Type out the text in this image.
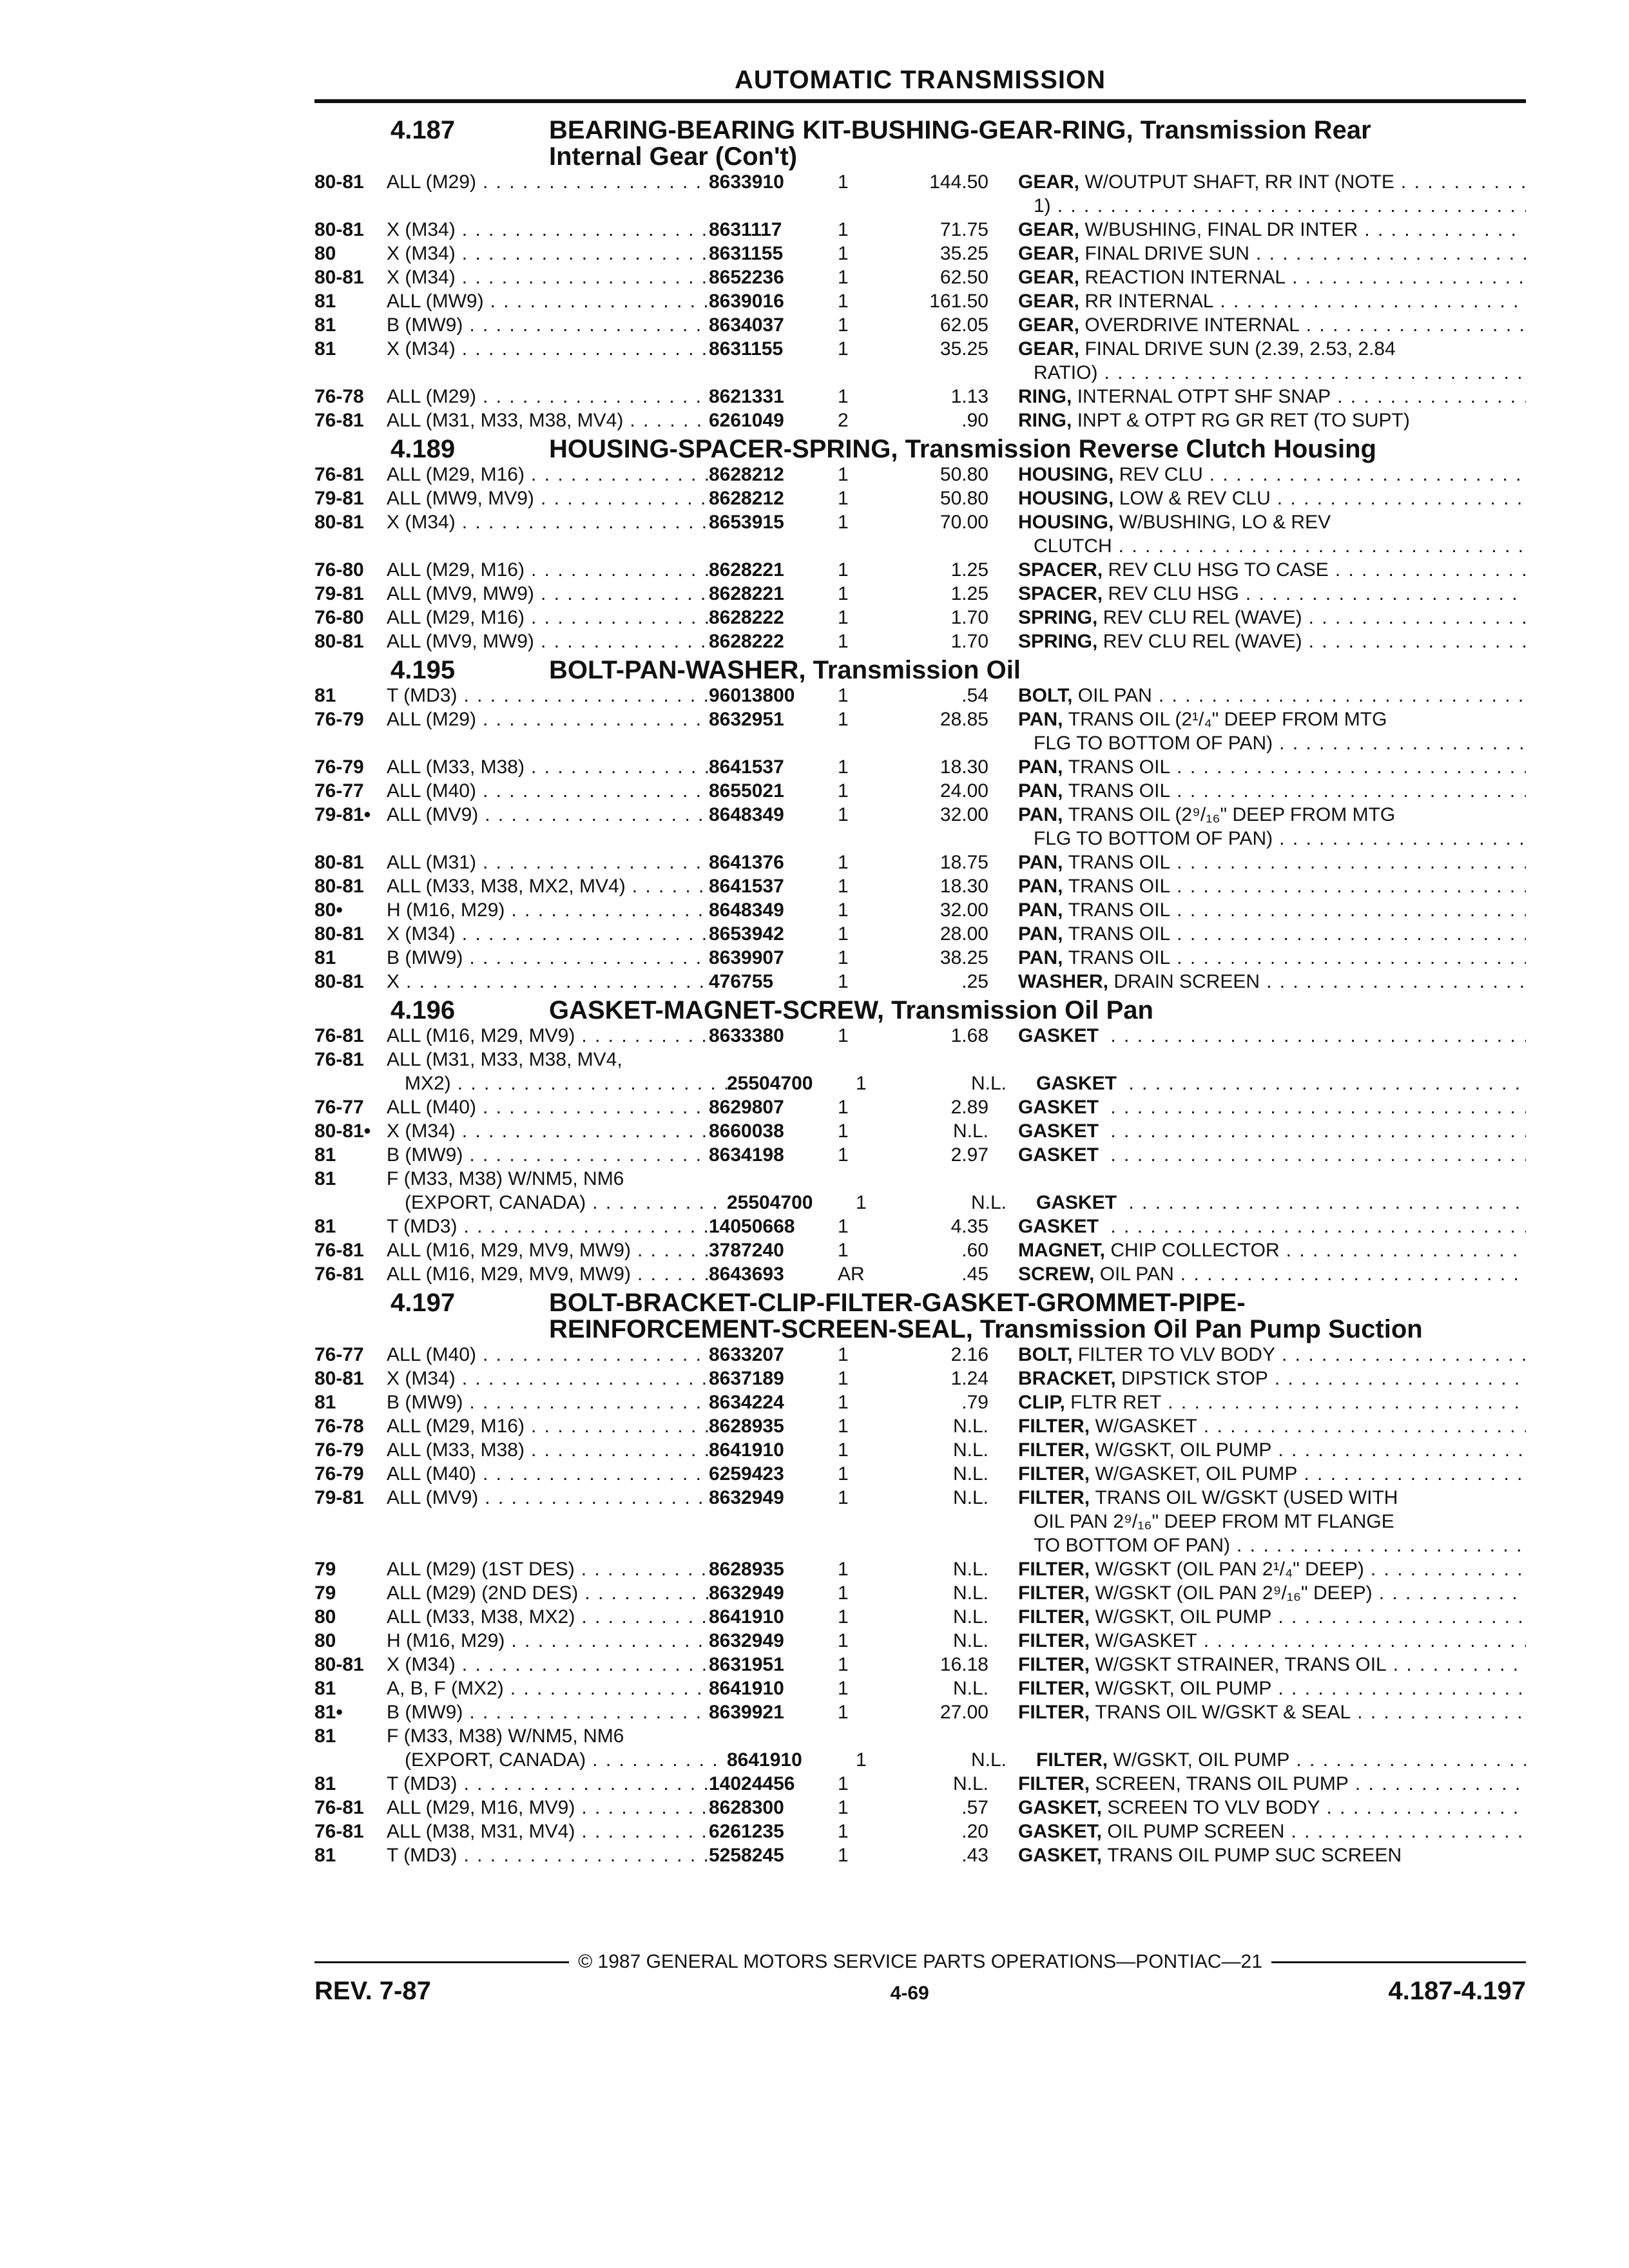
AUTOMATIC TRANSMISSION
4.187	BEARING-BEARING KIT-BUSHING-GEAR-RING, Transmission Rear
Internal Gear (Con't)
80-81	ALL (M29) . . .	8633910	1	144.50	GEAR,
W/OUTPUT SHAFT, RR INT (NOTE
. . .
1)
. . .
80-81	X (M34) . . .	8631117	1	71.75	GEAR,
W/BUSHING, FINAL DR INTER
. . .
80	X (M34) . . .	8631155	1	35.25	GEAR,
FINAL DRIVE SUN
. . .
80-81	X (M34) . . .	8652236	1	62.50	GEAR,
REACTION INTERNAL
. . .
81	ALL (MW9) . . .	8639016	1	161.50	GEAR,
RR INTERNAL
. . .
81	B (MW9) . . .	8634037	1	62.05	GEAR,
OVERDRIVE INTERNAL
. . .
81	X (M34) . . .	8631155	1	35.25	GEAR,
FINAL DRIVE SUN (2.39, 2.53, 2.84
RATIO)
. . .
76-78	ALL (M29) . . .	8621331	1	1.13	RING,
INTERNAL OTPT SHF SNAP
. . .
76-81	ALL (M31, M33, M38, MV4) . . .	6261049	2	.90	RING,
INPT & OTPT RG GR RET (TO SUPT)
4.189	HOUSING-SPACER-SPRING, Transmission Reverse Clutch Housing
76-81	ALL (M29, M16) . . .	8628212	1	50.80	HOUSING,
REV CLU
. . .
79-81	ALL (MW9, MV9) . . .	8628212	1	50.80	HOUSING,
LOW & REV CLU
. . .
80-81	X (M34) . . .	8653915	1	70.00	HOUSING,
W/BUSHING, LO & REV
CLUTCH
. . .
76-80	ALL (M29, M16) . . .	8628221	1	1.25	SPACER,
REV CLU HSG TO CASE
. . .
79-81	ALL (MV9, MW9) . . .	8628221	1	1.25	SPACER,
REV CLU HSG
. . .
76-80	ALL (M29, M16) . . .	8628222	1	1.70	SPRING,
REV CLU REL (WAVE)
. . .
80-81	ALL (MV9, MW9) . . .	8628222	1	1.70	SPRING,
REV CLU REL (WAVE)
. . .
4.195	BOLT-PAN-WASHER, Transmission Oil
81	T (MD3) . . .	96013800	1	.54	BOLT,
OIL PAN
. . .
76-79	ALL (M29) . . .	8632951	1	28.85	PAN,
TRANS OIL (2¹/₄" DEEP FROM MTG
FLG TO BOTTOM OF PAN)
. . .
76-79	ALL (M33, M38) . . .	8641537	1	18.30	PAN,
TRANS OIL
. . .
76-77	ALL (M40) . . .	8655021	1	24.00	PAN,
TRANS OIL
. . .
79-81• ALL (MV9) . . .	8648349	1	32.00	PAN,
TRANS OIL (2⁹/₁₆" DEEP FROM MTG
FLG TO BOTTOM OF PAN)
. . .
80-81	ALL (M31) . . .	8641376	1	18.75	PAN,
TRANS OIL
. . .
80-81	ALL (M33, M38, MX2, MV4) . . .	8641537	1	18.30	PAN,
TRANS OIL
. . .
80•	H (M16, M29) . . .	8648349	1	32.00	PAN,
TRANS OIL
. . .
80-81	X (M34) . . .	8653942	1	28.00	PAN,
TRANS OIL
. . .
81	B (MW9) . . .	8639907	1	38.25	PAN,
TRANS OIL
. . .
80-81	X . . .	476755	1	.25	WASHER,
DRAIN SCREEN
. . .
4.196	GASKET-MAGNET-SCREW, Transmission Oil Pan
76-81	ALL (M16, M29, MV9) . . .	8633380	1	1.68	GASKET

. . .
76-81	ALL (M31, M33, M38, MV4,
MX2) . . .	25504700	1	N.L.	GASKET

. . .
76-77	ALL (M40) . . .	8629807	1	2.89	GASKET

. . .
80-81• X (M34) . . .	8660038	1	N.L.	GASKET

. . .
81	B (MW9) . . .	8634198	1	2.97	GASKET

. . .
81	F (M33, M38) W/NM5, NM6
(EXPORT, CANADA) . . .	25504700	1	N.L.	GASKET

. . .
81	T (MD3) . . .	14050668	1	4.35	GASKET

. . .
76-81	ALL (M16, M29, MV9, MW9) . . .	3787240	1	.60	MAGNET,
CHIP COLLECTOR
. . .
76-81	ALL (M16, M29, MV9, MW9) . . .	8643693	AR	.45	SCREW,
OIL PAN
. . .
4.197	BOLT-BRACKET-CLIP-FILTER-GASKET-GROMMET-PIPE-
REINFORCEMENT-SCREEN-SEAL, Transmission Oil Pan Pump Suction
76-77	ALL (M40) . . .	8633207	1	2.16	BOLT,
FILTER TO VLV BODY
. . .
80-81	X (M34) . . .	8637189	1	1.24	BRACKET,
DIPSTICK STOP
. . .
81	B (MW9) . . .	8634224	1	.79	CLIP,
FLTR RET
. . .
76-78	ALL (M29, M16) . . .	8628935	1	N.L.	FILTER,
W/GASKET
. . .
76-79	ALL (M33, M38) . . .	8641910	1	N.L.	FILTER,
W/GSKT, OIL PUMP
. . .
76-79	ALL (M40) . . .	6259423	1	N.L.	FILTER,
W/GASKET, OIL PUMP
. . .
79-81	ALL (MV9) . . .	8632949	1	N.L.	FILTER,
TRANS OIL W/GSKT (USED WITH
OIL PAN 2⁹/₁₆" DEEP FROM MT FLANGE
TO BOTTOM OF PAN)
. . .
79	ALL (M29) (1ST DES) . . .	8628935	1	N.L.	FILTER,
W/GSKT (OIL PAN 2¹/₄" DEEP)
. . .
79	ALL (M29) (2ND DES) . . .	8632949	1	N.L.	FILTER,
W/GSKT (OIL PAN 2⁹/₁₆" DEEP)
. . .
80	ALL (M33, M38, MX2) . . .	8641910	1	N.L.	FILTER,
W/GSKT, OIL PUMP
. . .
80	H (M16, M29) . . .	8632949	1	N.L.	FILTER,
W/GASKET
. . .
80-81	X (M34) . . .	8631951	1	16.18	FILTER,
W/GSKT STRAINER, TRANS OIL
. . .
81	A, B, F (MX2) . . .	8641910	1	N.L.	FILTER,
W/GSKT, OIL PUMP
. . .
81•	B (MW9) . . .	8639921	1	27.00	FILTER,
TRANS OIL W/GSKT & SEAL
. . .
81	F (M33, M38) W/NM5, NM6
(EXPORT, CANADA) . . .	8641910	1	N.L.	FILTER,
W/GSKT, OIL PUMP
. . .
81	T (MD3) . . .	14024456	1	N.L.	FILTER,
SCREEN, TRANS OIL PUMP
. . .
76-81	ALL (M29, M16, MV9) . . .	8628300	1	.57	GASKET,
SCREEN TO VLV BODY
. . .
76-81	ALL (M38, M31, MV4) . . .	6261235	1	.20	GASKET,
OIL PUMP SCREEN
. . .
81	T (MD3) . . .	5258245	1	.43	GASKET,
TRANS OIL PUMP SUC SCREEN
© 1987 GENERAL MOTORS SERVICE PARTS OPERATIONS—PONTIAC—21
REV. 7-87	4-69	4.187-4.197
